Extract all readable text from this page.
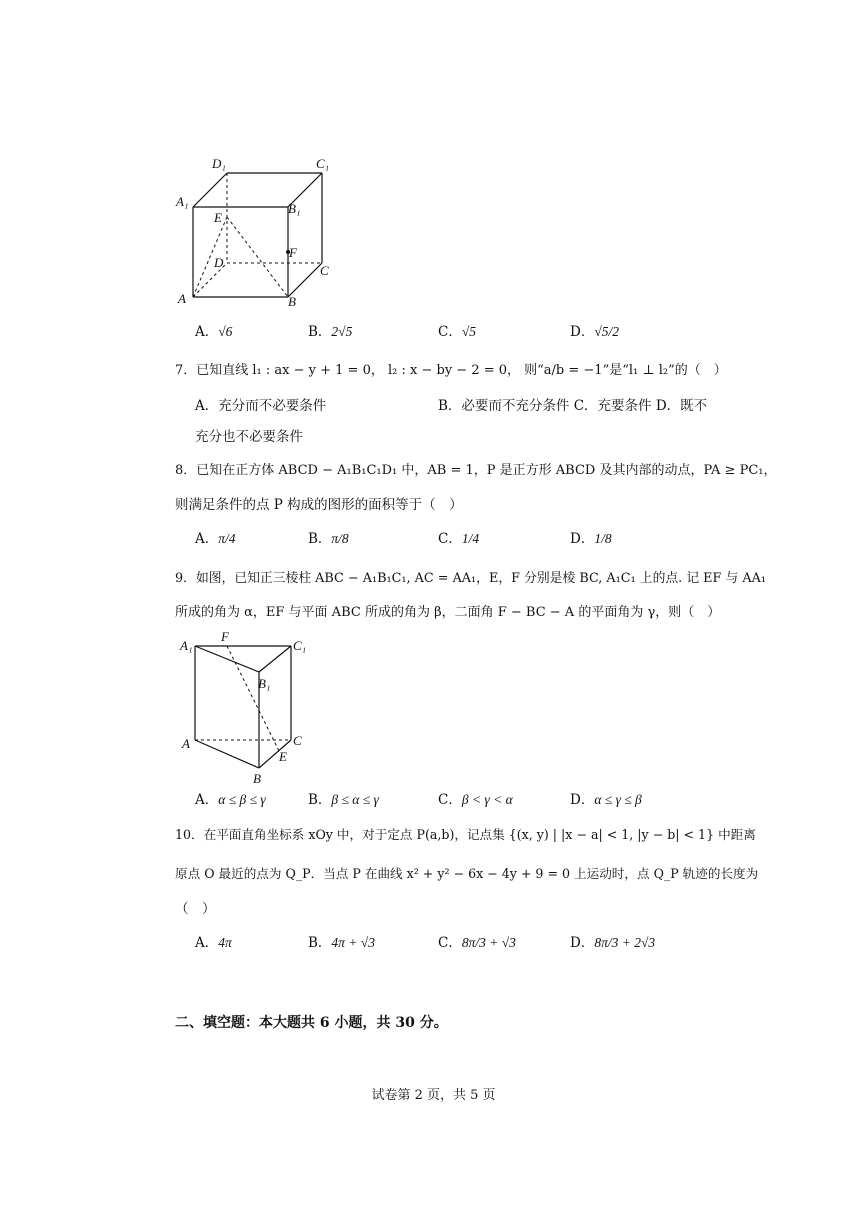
D₁	C₁
A₁	B₁
E
F
D
C
A	B
A．√6	B．2√5	C．√5	D．√5/2
7．已知直线 l₁ : ax − y + 1 = 0， l₂ : x − by − 2 = 0， 则“a/b = −1”是“l₁ ⊥ l₂”的（　）
A．充分而不必要条件	B．必要而不充分条件 C．充要条件 D．既不
充分也不必要条件
8．已知在正方体 ABCD − A₁B₁C₁D₁ 中，AB = 1，P 是正方形 ABCD 及其内部的动点，PA ≥ PC₁，
则满足条件的点 P 构成的图形的面积等于（　）
A．π/4	B．π/8	C．1/4	D．1/8
9．如图，已知正三棱柱 ABC − A₁B₁C₁, AC = AA₁，E，F 分别是棱 BC, A₁C₁ 上的点. 记 EF 与 AA₁
所成的角为 α，EF 与平面 ABC 所成的角为 β，二面角 F − BC − A 的平面角为 γ，则（　）
A₁
F
C₁
B₁
A	C
E
B
A．α ≤ β ≤ γ	B．β ≤ α ≤ γ	C．β < γ < α	D．α ≤ γ ≤ β
10．在平面直角坐标系 xOy 中，对于定点 P(a,b)，记点集 {(x, y) | |x − a| < 1, |y − b| < 1} 中距离
原点 O 最近的点为 Q_P．当点 P 在曲线 x² + y² − 6x − 4y + 9 = 0 上运动时，点 Q_P 轨迹的长度为
（　）
A．4π	B．4π + √3	C．8π/3 + √3	D．8π/3 + 2√3
二、填空题：本大题共 6 小题，共 30 分。
试卷第 2 页，共 5 页
